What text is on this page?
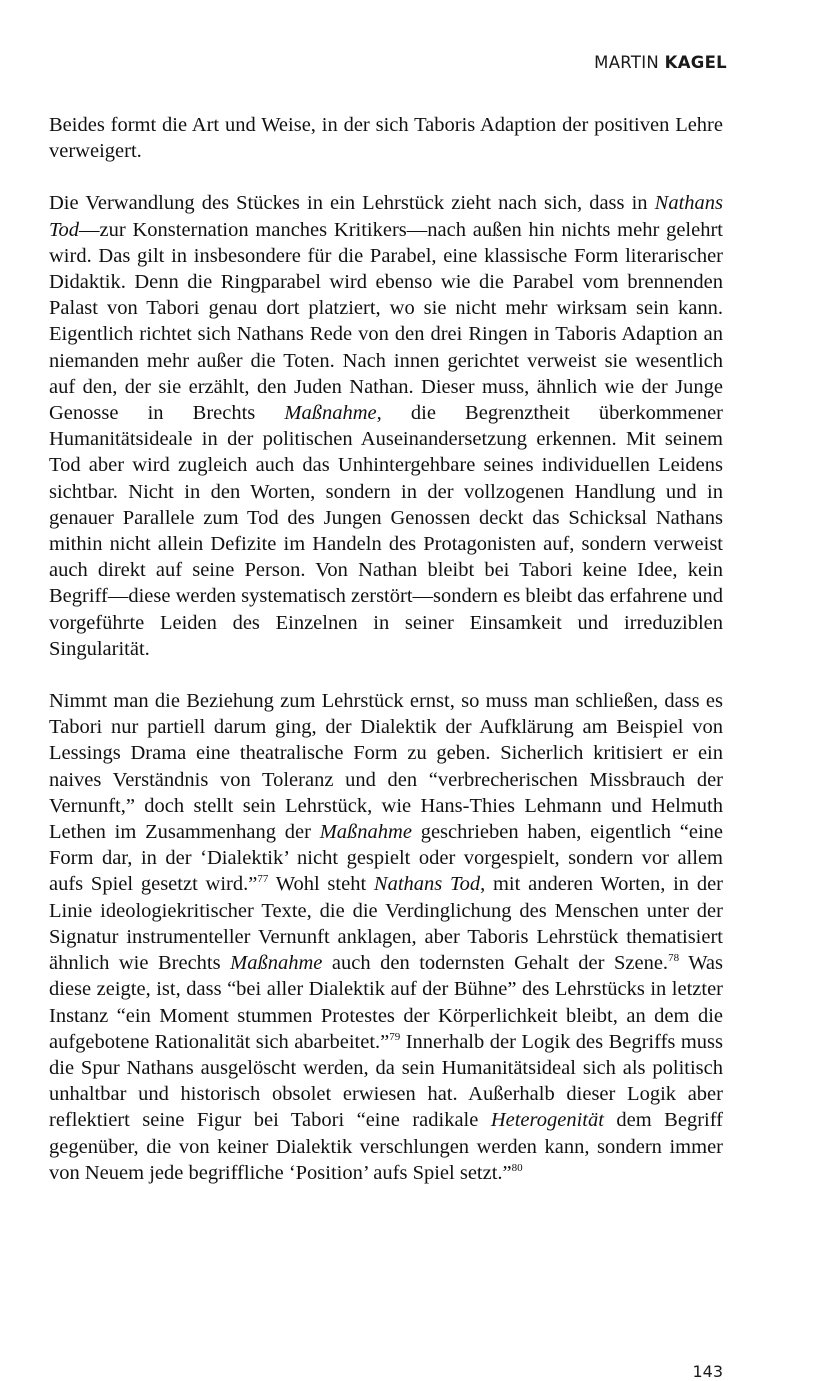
MARTIN KAGEL

Beides formt die Art und Weise, in der sich Taboris Adaption der positiven Lehre verweigert.

Die Verwandlung des Stückes in ein Lehrstück zieht nach sich, dass in Nathans Tod—zur Konsternation manches Kritikers—nach außen hin nichts mehr gelehrt wird. Das gilt in insbesondere für die Parabel, eine klassische Form literarischer Didaktik. Denn die Ringparabel wird ebenso wie die Parabel vom brennenden Palast von Tabori genau dort platziert, wo sie nicht mehr wirksam sein kann. Eigentlich richtet sich Nathans Rede von den drei Ringen in Taboris Adaption an niemanden mehr außer die Toten. Nach innen gerichtet verweist sie wesentlich auf den, der sie erzählt, den Juden Nathan. Dieser muss, ähnlich wie der Junge Genosse in Brechts Maßnahme, die Begrenztheit überkommener Humanitätsideale in der politischen Auseinandersetzung erkennen. Mit seinem Tod aber wird zugleich auch das Unhintergehbare seines individuellen Leidens sichtbar. Nicht in den Worten, sondern in der vollzogenen Handlung und in genauer Parallele zum Tod des Jungen Genossen deckt das Schicksal Nathans mithin nicht allein Defizite im Handeln des Protagonisten auf, sondern verweist auch direkt auf seine Person. Von Nathan bleibt bei Tabori keine Idee, kein Begriff—diese werden systematisch zerstört—sondern es bleibt das erfahrene und vorgeführte Leiden des Einzelnen in seiner Einsamkeit und irreduziblen Singularität.

Nimmt man die Beziehung zum Lehrstück ernst, so muss man schließen, dass es Tabori nur partiell darum ging, der Dialektik der Aufklärung am Beispiel von Lessings Drama eine theatralische Form zu geben. Sicherlich kritisiert er ein naives Verständnis von Toleranz und den “verbrecherischen Missbrauch der Vernunft,” doch stellt sein Lehrstück, wie Hans-Thies Lehmann und Helmuth Lethen im Zusammenhang der Maßnahme geschrieben haben, eigentlich “eine Form dar, in der ‘Dialektik’ nicht gespielt oder vorgespielt, sondern vor allem aufs Spiel gesetzt wird.”$^{77}$ Wohl steht Nathans Tod, mit anderen Worten, in der Linie ideologiekritischer Texte, die die Verdinglichung des Menschen unter der Signatur instrumenteller Vernunft anklagen, aber Taboris Lehrstück thematisiert ähnlich wie Brechts Maßnahme auch den todernsten Gehalt der Szene.$^{78}$ Was diese zeigte, ist, dass “bei aller Dialektik auf der Bühne” des Lehrstücks in letzter Instanz “ein Moment stummen Protestes der Körperlichkeit bleibt, an dem die aufgebotene Rationalität sich abarbeitet.”$^{79}$ Innerhalb der Logik des Begriffs muss die Spur Nathans ausgelöscht werden, da sein Humanitätsideal sich als politisch unhaltbar und historisch obsolet erwiesen hat. Außerhalb dieser Logik aber reflektiert seine Figur bei Tabori “eine radikale Heterogenität dem Begriff gegenüber, die von keiner Dialektik verschlungen werden kann, sondern immer von Neuem jede begriffliche ‘Position’ aufs Spiel setzt.”$^{80}$

143
